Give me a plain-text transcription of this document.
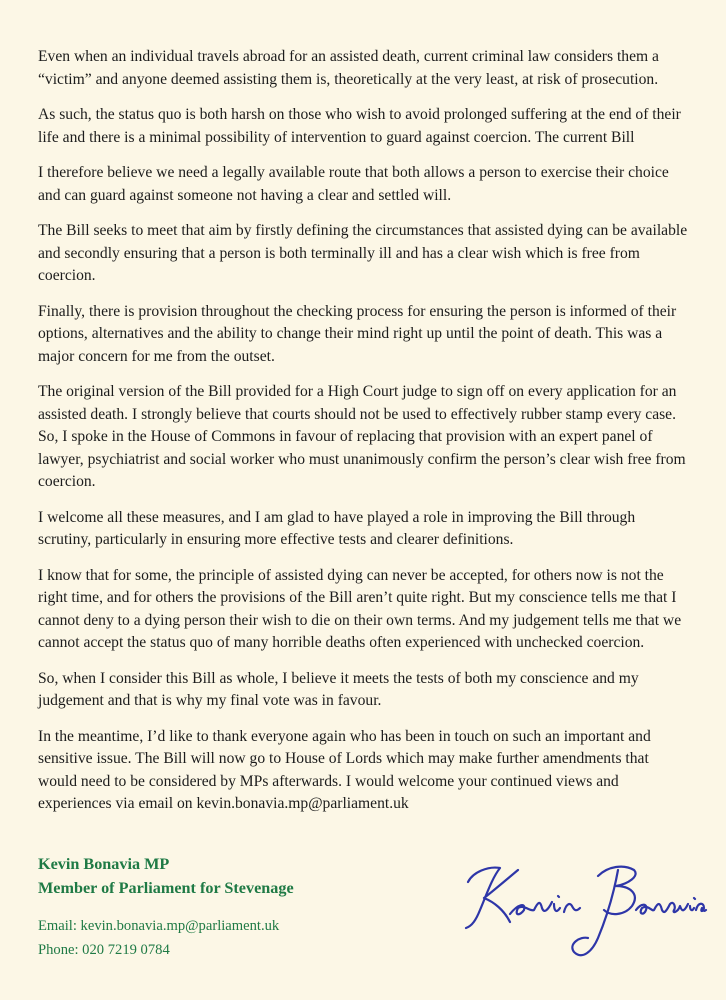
Even when an individual travels abroad for an assisted death, current criminal law considers them a “victim” and anyone deemed assisting them is, theoretically at the very least, at risk of prosecution.

As such, the status quo is both harsh on those who wish to avoid prolonged suffering at the end of their life and there is a minimal possibility of intervention to guard against coercion. The current Bill

I therefore believe we need a legally available route that both allows a person to exercise their choice and can guard against someone not having a clear and settled will.

The Bill seeks to meet that aim by firstly defining the circumstances that assisted dying can be available and secondly ensuring that a person is both terminally ill and has a clear wish which is free from coercion.

Finally, there is provision throughout the checking process for ensuring the person is informed of their options, alternatives and the ability to change their mind right up until the point of death. This was a major concern for me from the outset.

The original version of the Bill provided for a High Court judge to sign off on every application for an assisted death. I strongly believe that courts should not be used to effectively rubber stamp every case. So, I spoke in the House of Commons in favour of replacing that provision with an expert panel of lawyer, psychiatrist and social worker who must unanimously confirm the person’s clear wish free from coercion.

I welcome all these measures, and I am glad to have played a role in improving the Bill through scrutiny, particularly in ensuring more effective tests and clearer definitions.

I know that for some, the principle of assisted dying can never be accepted, for others now is not the right time, and for others the provisions of the Bill aren’t quite right. But my conscience tells me that I cannot deny to a dying person their wish to die on their own terms. And my judgement tells me that we cannot accept the status quo of many horrible deaths often experienced with unchecked coercion.

So, when I consider this Bill as whole, I believe it meets the tests of both my conscience and my judgement and that is why my final vote was in favour.

In the meantime, I’d like to thank everyone again who has been in touch on such an important and sensitive issue. The Bill will now go to House of Lords which may make further amendments that would need to be considered by MPs afterwards. I would welcome your continued views and experiences via email on kevin.bonavia.mp@parliament.uk

Kevin Bonavia MP
Member of Parliament for Stevenage
Email: kevin.bonavia.mp@parliament.uk
Phone: 020 7219 0784
